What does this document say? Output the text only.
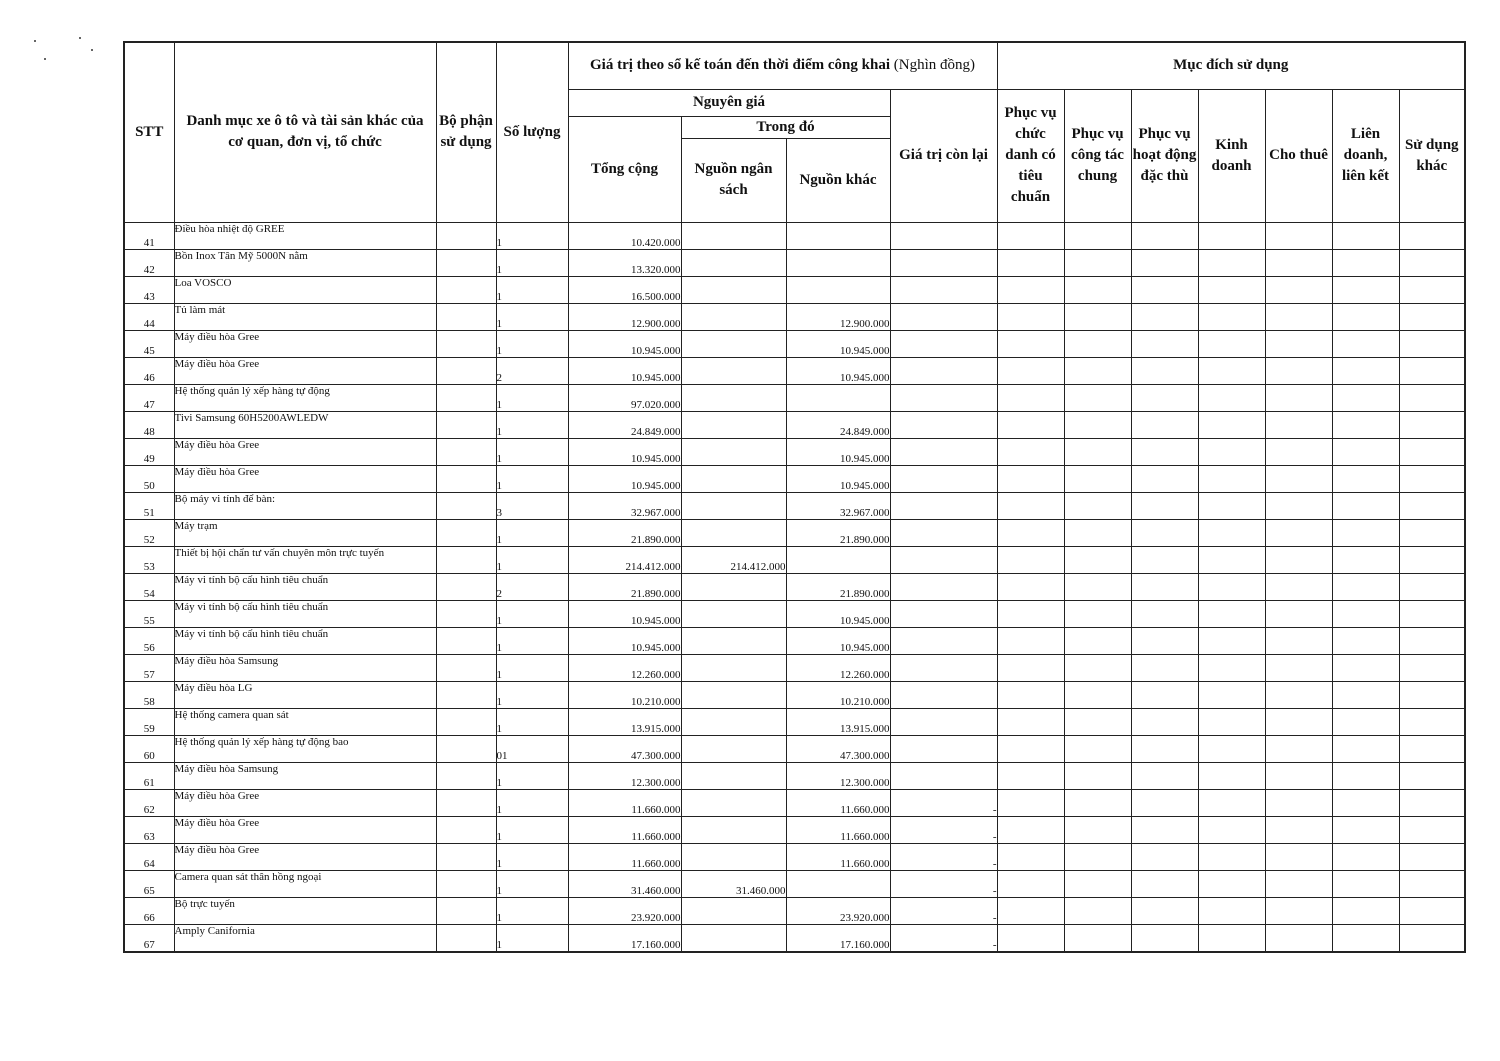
STT	Danh mục xe ô tô và tài sản khác của cơ quan, đơn vị, tổ chức	Bộ phận sử dụng	Số lượng	Giá trị theo sổ kế toán đến thời điểm công khai (Nghìn đồng)				Mục đích sử dụng						
				Nguyên giá			Giá trị còn lại	Phục vụ chức danh có tiêu chuẩn	Phục vụ công tác chung	Phục vụ hoạt động đặc thù	Kinh doanh	Cho thuê	Liên doanh, liên kết	Sử dụng khác
				Tổng cộng	Trong đó									
					Nguồn ngân sách	Nguồn khác								
41	Điều hòa nhiệt độ GREE		1	10.420.000										
42	Bồn Inox Tân Mỹ 5000N nằm		1	13.320.000										
43	Loa VOSCO		1	16.500.000										
44	Tủ làm mát		1	12.900.000		12.900.000								
45	Máy điều hòa Gree		1	10.945.000		10.945.000								
46	Máy điều hòa Gree		2	10.945.000		10.945.000								
47	Hệ thống quản lý xếp hàng tự động		1	97.020.000										
48	Tivi Samsung 60H5200AWLEDW		1	24.849.000		24.849.000								
49	Máy điều hòa Gree		1	10.945.000		10.945.000								
50	Máy điều hòa Gree		1	10.945.000		10.945.000								
51	Bộ máy vi tính để bàn:		3	32.967.000		32.967.000								
52	Máy trạm		1	21.890.000		21.890.000								
53	Thiết bị hội chẩn tư vấn chuyên môn trực tuyến		1	214.412.000	214.412.000									
54	Máy vi tính bộ cấu hình tiêu chuẩn		2	21.890.000		21.890.000								
55	Máy vi tính bộ cấu hình tiêu chuẩn		1	10.945.000		10.945.000								
56	Máy vi tính bộ cấu hình tiêu chuẩn		1	10.945.000		10.945.000								
57	Máy điều hòa Samsung		1	12.260.000		12.260.000								
58	Máy điều hòa LG		1	10.210.000		10.210.000								
59	Hệ thống camera quan sát		1	13.915.000		13.915.000								
60	Hệ thống quản lý xếp hàng tự động bao		01	47.300.000		47.300.000								
61	Máy điều hòa Samsung		1	12.300.000		12.300.000								
62	Máy điều hòa Gree		1	11.660.000		11.660.000	-							
63	Máy điều hòa Gree		1	11.660.000		11.660.000	-							
64	Máy điều hòa Gree		1	11.660.000		11.660.000	-							
65	Camera quan sát thân hồng ngoại		1	31.460.000	31.460.000		-							
66	Bộ trực tuyến		1	23.920.000		23.920.000	-							
67	Amply Canifornia		1	17.160.000		17.160.000	-							
